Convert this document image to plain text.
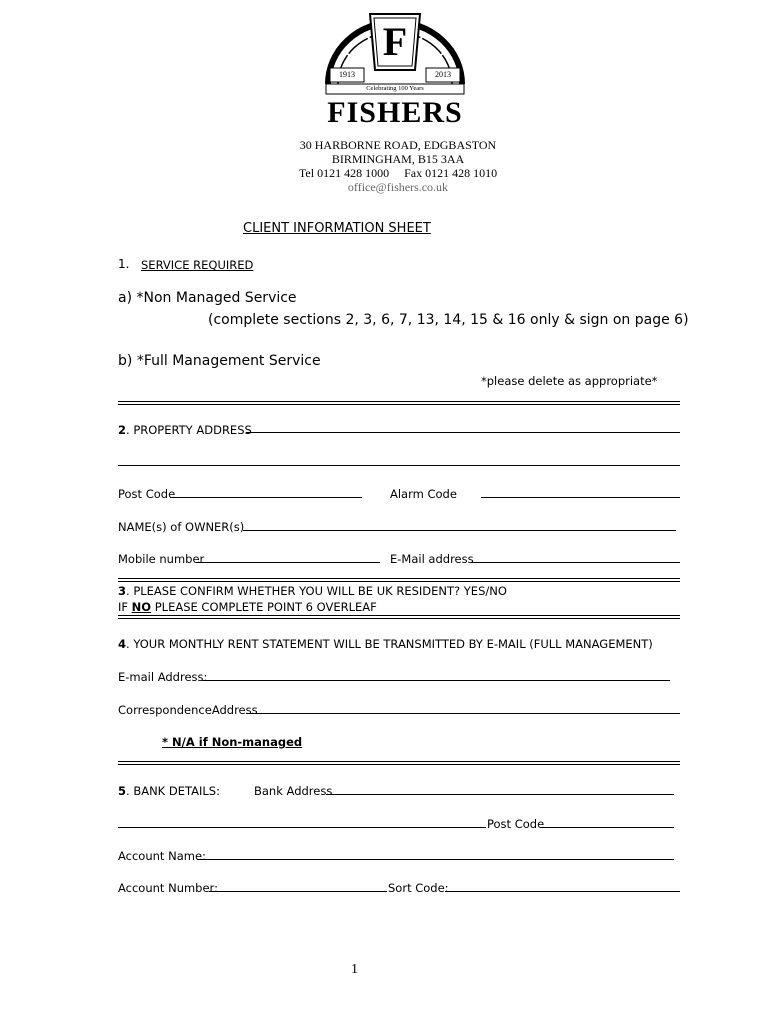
F
1913	2013
Celebrating 100 Years
FISHERS
30 HARBORNE ROAD, EDGBASTON
BIRMINGHAM, B15 3AA
Tel 0121 428 1000 Fax 0121 428 1010
office@fishers.co.uk
CLIENT INFORMATION SHEET
1. SERVICE REQUIRED
a) *Non Managed Service
(complete sections 2, 3, 6, 7, 13, 14, 15 & 16 only & sign on page 6)
b) *Full Management Service
*please delete as appropriate*
2. PROPERTY ADDRESS
Post Code	Alarm Code
NAME(s) of OWNER(s)
Mobile number	E-Mail address
3. PLEASE CONFIRM WHETHER YOU WILL BE UK RESIDENT? YES/NO
IF NO PLEASE COMPLETE POINT 6 OVERLEAF
4. YOUR MONTHLY RENT STATEMENT WILL BE TRANSMITTED BY E-MAIL (FULL MANAGEMENT)
E-mail Address:
CorrespondenceAddress
* N/A if Non-managed
5. BANK DETAILS:	Bank Address
Post Code
Account Name:
Account Number:	Sort Code:
1
